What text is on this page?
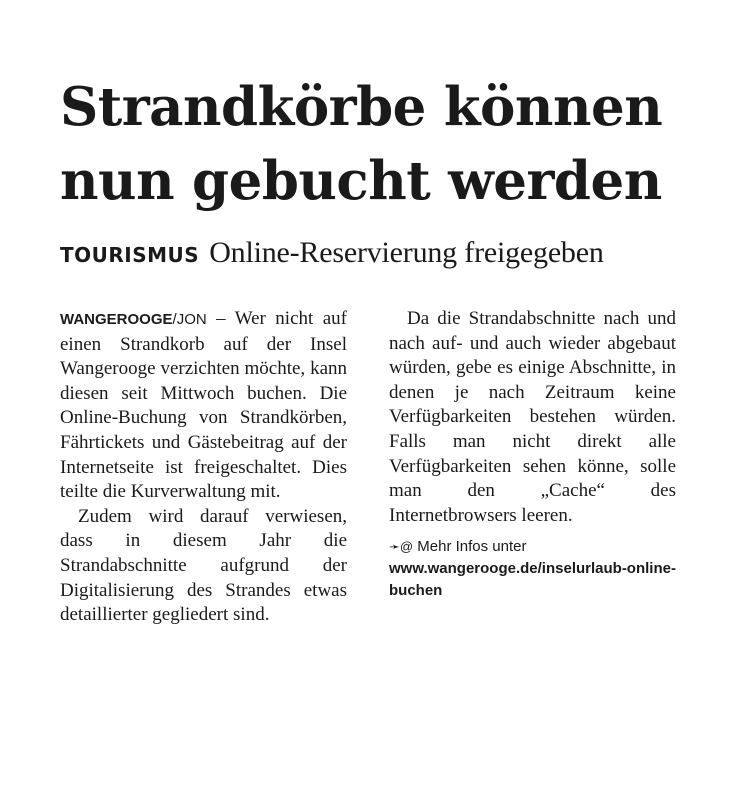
Strandkörbe können
nun gebucht werden
TOURISMUS Online-Reservierung freigegeben

WANGEROOGE/JON – Wer nicht auf einen Strandkorb auf der Insel Wangerooge verzichten möchte, kann diesen seit Mittwoch buchen. Die Online-Buchung von Strandkörben, Fährtickets und Gästebeitrag auf der Internetseite ist freigeschaltet. Dies teilte die Kurverwaltung mit.

Zudem wird darauf verwiesen, dass in diesem Jahr die Strandabschnitte aufgrund der Digitalisierung des Strandes etwas detaillierter gegliedert sind.

Da die Strandabschnitte nach und nach auf- und auch wieder abgebaut würden, gebe es einige Abschnitte, in denen je nach Zeitraum keine Verfügbarkeiten bestehen würden. Falls man nicht direkt alle Verfügbarkeiten sehen könne, solle man den „Cache“ des Internetbrowsers leeren.

➛@ Mehr Infos unter www.wangerooge.de/inselurlaub-online-buchen
